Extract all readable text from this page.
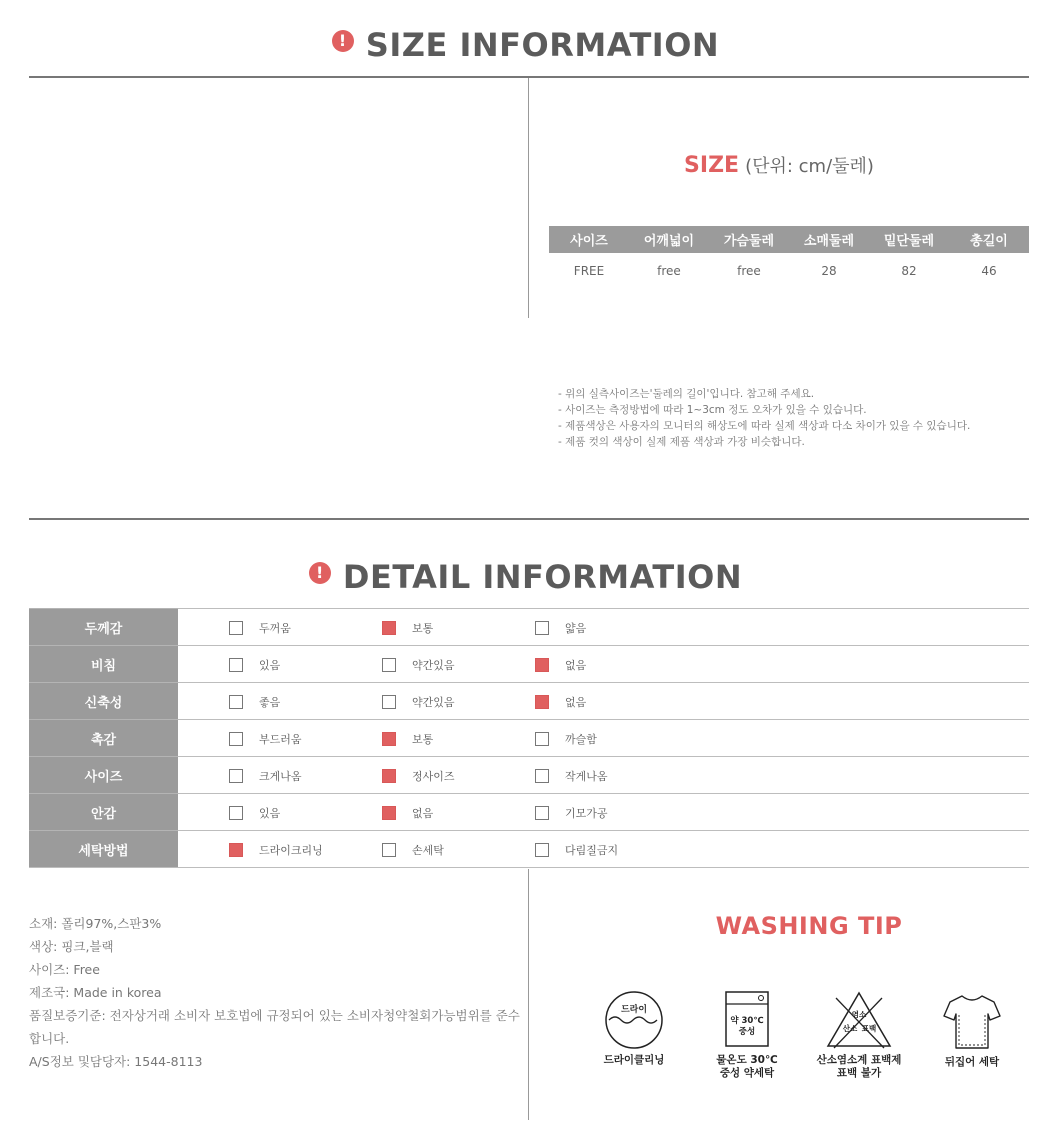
! SIZE INFORMATION
SIZE (단위: cm/둘레)
사이즈	어깨넓이	가슴둘레	소매둘레	밑단둘레	총길이
FREE	free	free	28	82	46
- 위의 실측사이즈는'둘레의 길이'입니다. 참고해 주세요.
- 사이즈는 측정방법에 따라 1~3cm 정도 오차가 있을 수 있습니다.
- 제품색상은 사용자의 모니터의 해상도에 따라 실제 색상과 다소 차이가 있을 수 있습니다.
- 제품 컷의 색상이 실제 제품 색상과 가장 비슷합니다.
! DETAIL INFORMATION
두께감	두꺼움 보통 얇음

비침	있음 약간있음 없음

신축성	좋음 약간있음 없음

촉감	부드러움 보통 까슬함

사이즈	크게나옴 정사이즈 작게나옴

안감	있음 없음 기모가공

세탁방법	드라이크리닝 손세탁 다림질금지
소재: 폴리97%,스판3%
색상: 핑크,블랙
사이즈: Free
제조국: Made in korea
품질보증기준: 전자상거래 소비자 보호법에 규정되어 있는 소비자청약철회가능범위를 준수합니다.
A/S정보 및담당자: 1544-8113
WASHING TIP
드라이
드라이클리닝
약 30℃
중성
물온도 30℃
중성 약세탁
염소
산소 표백
산소염소계 표백제
표백 불가
뒤집어 세탁
